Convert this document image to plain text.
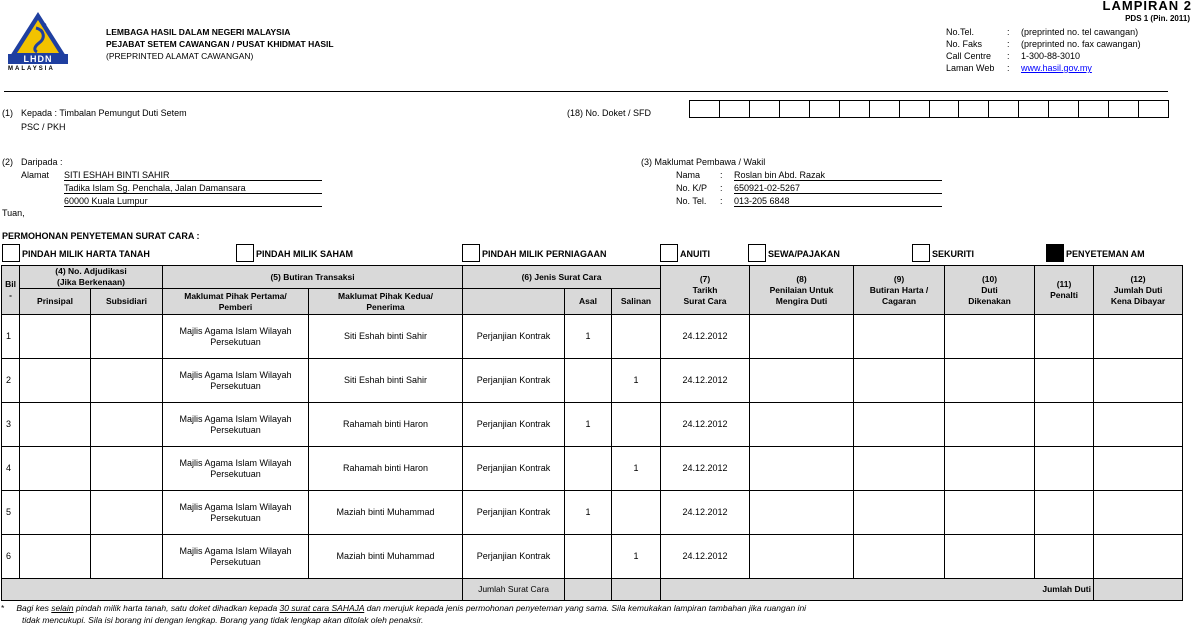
LAMPIRAN 2
PDS 1 (Pin. 2011)
LHDN
MALAYSIA
LEMBAGA HASIL DALAM NEGERI MALAYSIA
PEJABAT SETEM CAWANGAN / PUSAT KHIDMAT HASIL
(PREPRINTED ALAMAT CAWANGAN)
No.Tel.	: (preprinted no. tel cawangan)
No. Faks	: (preprinted no. fax cawangan)
Call Centre : 1-300-88-3010
Laman Web : www.hasil.gov.my
(1) Kepada : Timbalan Pemungut Duti Setem
PSC / PKH
(18) No. Doket / SFD
(2) Daripada :
Alamat SITI ESHAH BINTI SAHIR
Tadika Islam Sg. Penchala, Jalan Damansara
60000 Kuala Lumpur
Tuan,
(3) Maklumat Pembawa / Wakil
Nama : Roslan bin Abd. Razak
No. K/P : 650921-02-5267
No. Tel. : 013-205 6848
PERMOHONAN PENYETEMAN SURAT CARA :
PINDAH MILIK HARTA TANAH	PINDAH MILIK SAHAM	PINDAH MILIK PERNIAGAAN	ANUITI	SEWA/PAJAKAN	SEKURITI	PENYETEMAN AM
Bil
-	(4) No. Adjudikasi
(Jika Berkenaan)		(5) Butiran Transaksi		(6) Jenis Surat Cara			(7)
Tarikh
Surat Cara	(8)
Penilaian Untuk
Mengira Duti	(9)
Butiran Harta /
Cagaran	(10)
Duti
Dikenakan	(11)
Penalti	(12)
Jumlah Duti
Kena Dibayar
	Prinsipal	Subsidiari	Maklumat Pihak Pertama/
Pemberi	Maklumat Pihak Kedua/
Penerima		Asal	Salinan						
1			Majlis Agama Islam Wilayah Persekutuan	Siti Eshah binti Sahir	Perjanjian Kontrak	1		24.12.2012					
2			Majlis Agama Islam Wilayah Persekutuan	Siti Eshah binti Sahir	Perjanjian Kontrak		1	24.12.2012					
3			Majlis Agama Islam Wilayah Persekutuan	Rahamah binti Haron	Perjanjian Kontrak	1		24.12.2012					
4			Majlis Agama Islam Wilayah Persekutuan	Rahamah binti Haron	Perjanjian Kontrak		1	24.12.2012					
5			Majlis Agama Islam Wilayah Persekutuan	Maziah binti Muhammad	Perjanjian Kontrak	1		24.12.2012					
6			Majlis Agama Islam Wilayah Persekutuan	Maziah binti Muhammad	Perjanjian Kontrak		1	24.12.2012					
					Jumlah Surat Cara			Jumlah Duti					
* Bagi kes selain pindah milik harta tanah, satu doket dihadkan kepada 30 surat cara SAHAJA dan merujuk kepada jenis permohonan penyeteman yang sama. Sila kemukakan lampiran tambahan jika ruangan ini
tidak mencukupi. Sila isi borang ini dengan lengkap. Borang yang tidak lengkap akan ditolak oleh penaksir.
